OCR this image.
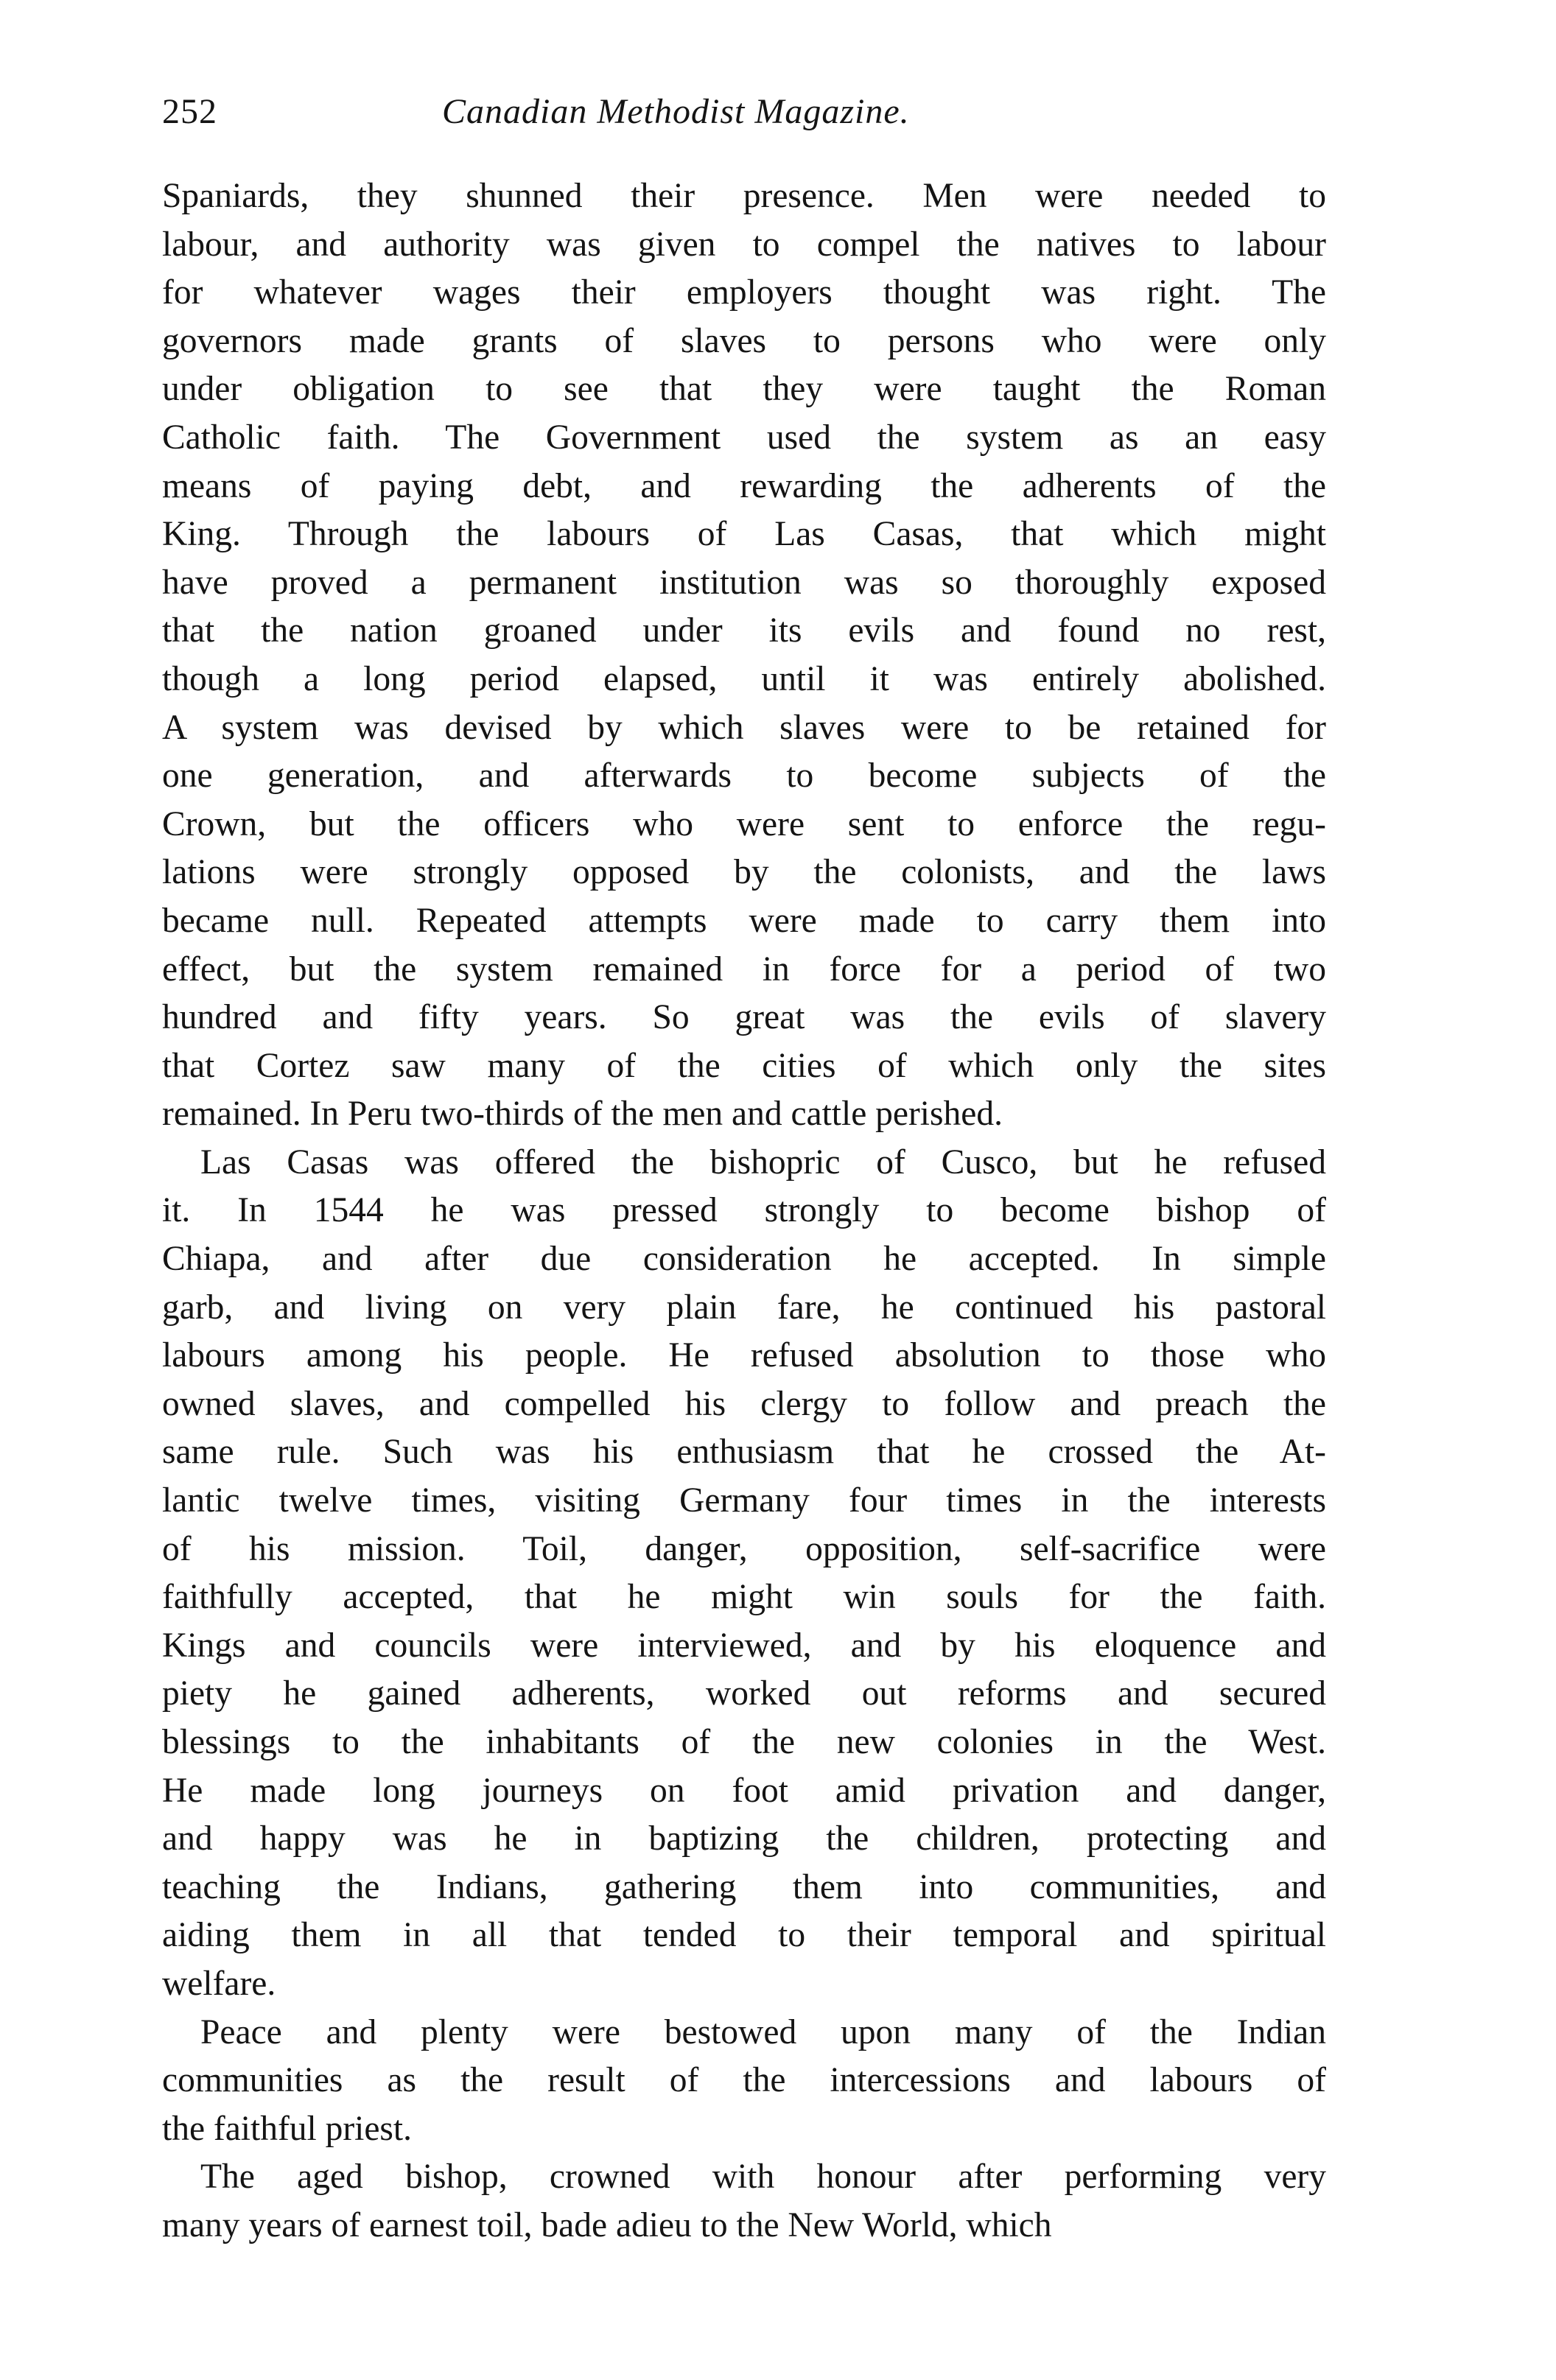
252	Canadian Methodist Magazine.
Spaniards, they shunned their presence. Men were needed to
labour, and authority was given to compel the natives to labour
for whatever wages their employers thought was right. The
governors made grants of slaves to persons who were only
under obligation to see that they were taught the Roman
Catholic faith. The Government used the system as an easy
means of paying debt, and rewarding the adherents of the
King. Through the labours of Las Casas, that which might
have proved a permanent institution was so thoroughly exposed
that the nation groaned under its evils and found no rest,
though a long period elapsed, until it was entirely abolished.
A system was devised by which slaves were to be retained for
one generation, and afterwards to become subjects of the
Crown, but the officers who were sent to enforce the regu-
lations were strongly opposed by the colonists, and the laws
became null. Repeated attempts were made to carry them into
effect, but the system remained in force for a period of two
hundred and fifty years. So great was the evils of slavery
that Cortez saw many of the cities of which only the sites
remained. In Peru two-thirds of the men and cattle perished.
Las Casas was offered the bishopric of Cusco, but he refused
it. In 1544 he was pressed strongly to become bishop of
Chiapa, and after due consideration he accepted. In simple
garb, and living on very plain fare, he continued his pastoral
labours among his people. He refused absolution to those who
owned slaves, and compelled his clergy to follow and preach the
same rule. Such was his enthusiasm that he crossed the At-
lantic twelve times, visiting Germany four times in the interests
of his mission. Toil, danger, opposition, self-sacrifice were
faithfully accepted, that he might win souls for the faith.
Kings and councils were interviewed, and by his eloquence and
piety he gained adherents, worked out reforms and secured
blessings to the inhabitants of the new colonies in the West.
He made long journeys on foot amid privation and danger,
and happy was he in baptizing the children, protecting and
teaching the Indians, gathering them into communities, and
aiding them in all that tended to their temporal and spiritual
welfare.
Peace and plenty were bestowed upon many of the Indian
communities as the result of the intercessions and labours of
the faithful priest.
The aged bishop, crowned with honour after performing very
many years of earnest toil, bade adieu to the New World, which
